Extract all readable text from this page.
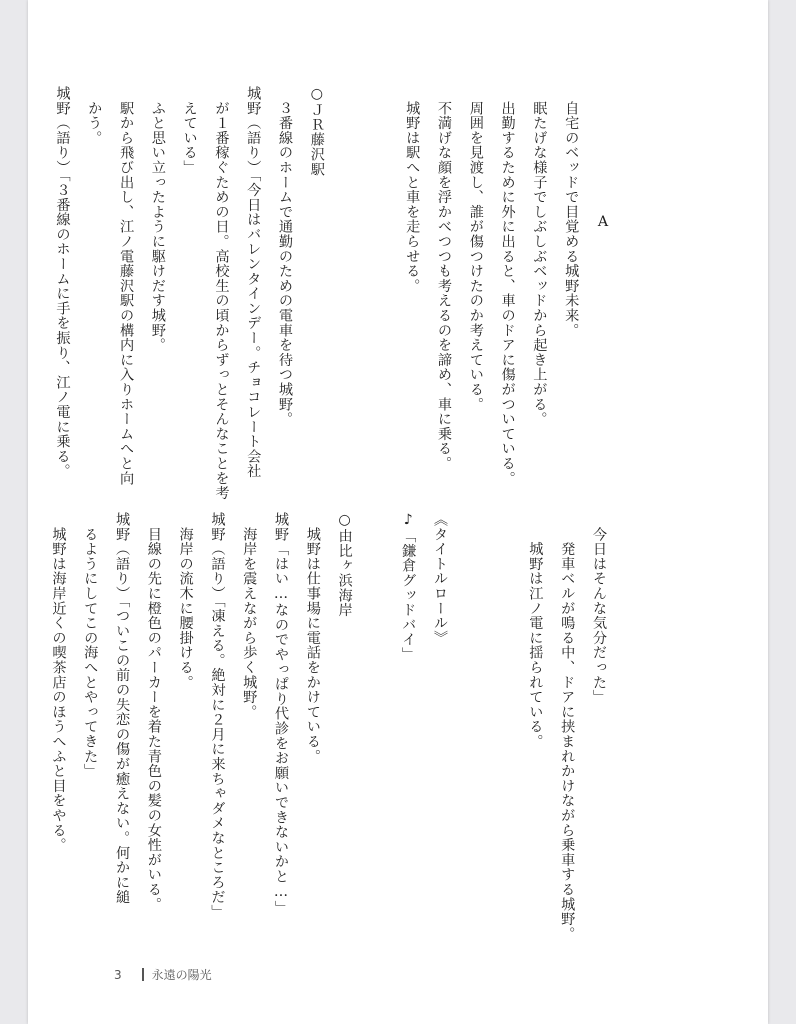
　　　　　　　　　A
　自宅のベッドで目覚める城野未来。
　眠たげな様子でしぶしぶベッドから起き上がる。
　出勤するために外に出ると、車のドアに傷がついている。
　周囲を見渡し、誰が傷つけたのか考えている。
　不満げな顔を浮かべつつも考えるのを諦め、車に乗る。
　城野は駅へと車を走らせる。
○ＪＲ藤沢駅
　３番線のホームで通勤のための電車を待つ城野。
城野（語り）「今日はバレンタインデー。チョコレート会社
　が１番稼ぐための日。高校生の頃からずっとそんなことを考
　えている」
　ふと思い立ったように駆けだす城野。
　駅から飛び出し、江ノ電藤沢駅の構内に入りホームへと向
　かう。
城野（語り）「３番線のホームに手を振り、江ノ電に乗る。
　今日はそんな気分だった」
　　発車ベルが鳴る中、ドアに挟まれかけながら乗車する城野。
　　城野は江ノ電に揺られている。
《タイトルロール》
♪「鎌倉グッドバイ」
○由比ヶ浜海岸
　城野は仕事場に電話をかけている。
城野「はい…なのでやっぱり代診をお願いできないかと…」
　海岸を震えながら歩く城野。
城野（語り）「凍える。絶対に２月に来ちゃダメなところだ」
　海岸の流木に腰掛ける。
　目線の先に橙色のパーカーを着た青色の髪の女性がいる。
城野（語り）「ついこの前の失恋の傷が癒えない。何かに縋
　るようにしてこの海へとやってきた」
　城野は海岸近くの喫茶店のほうへふと目をやる。
3	永遠の陽光
